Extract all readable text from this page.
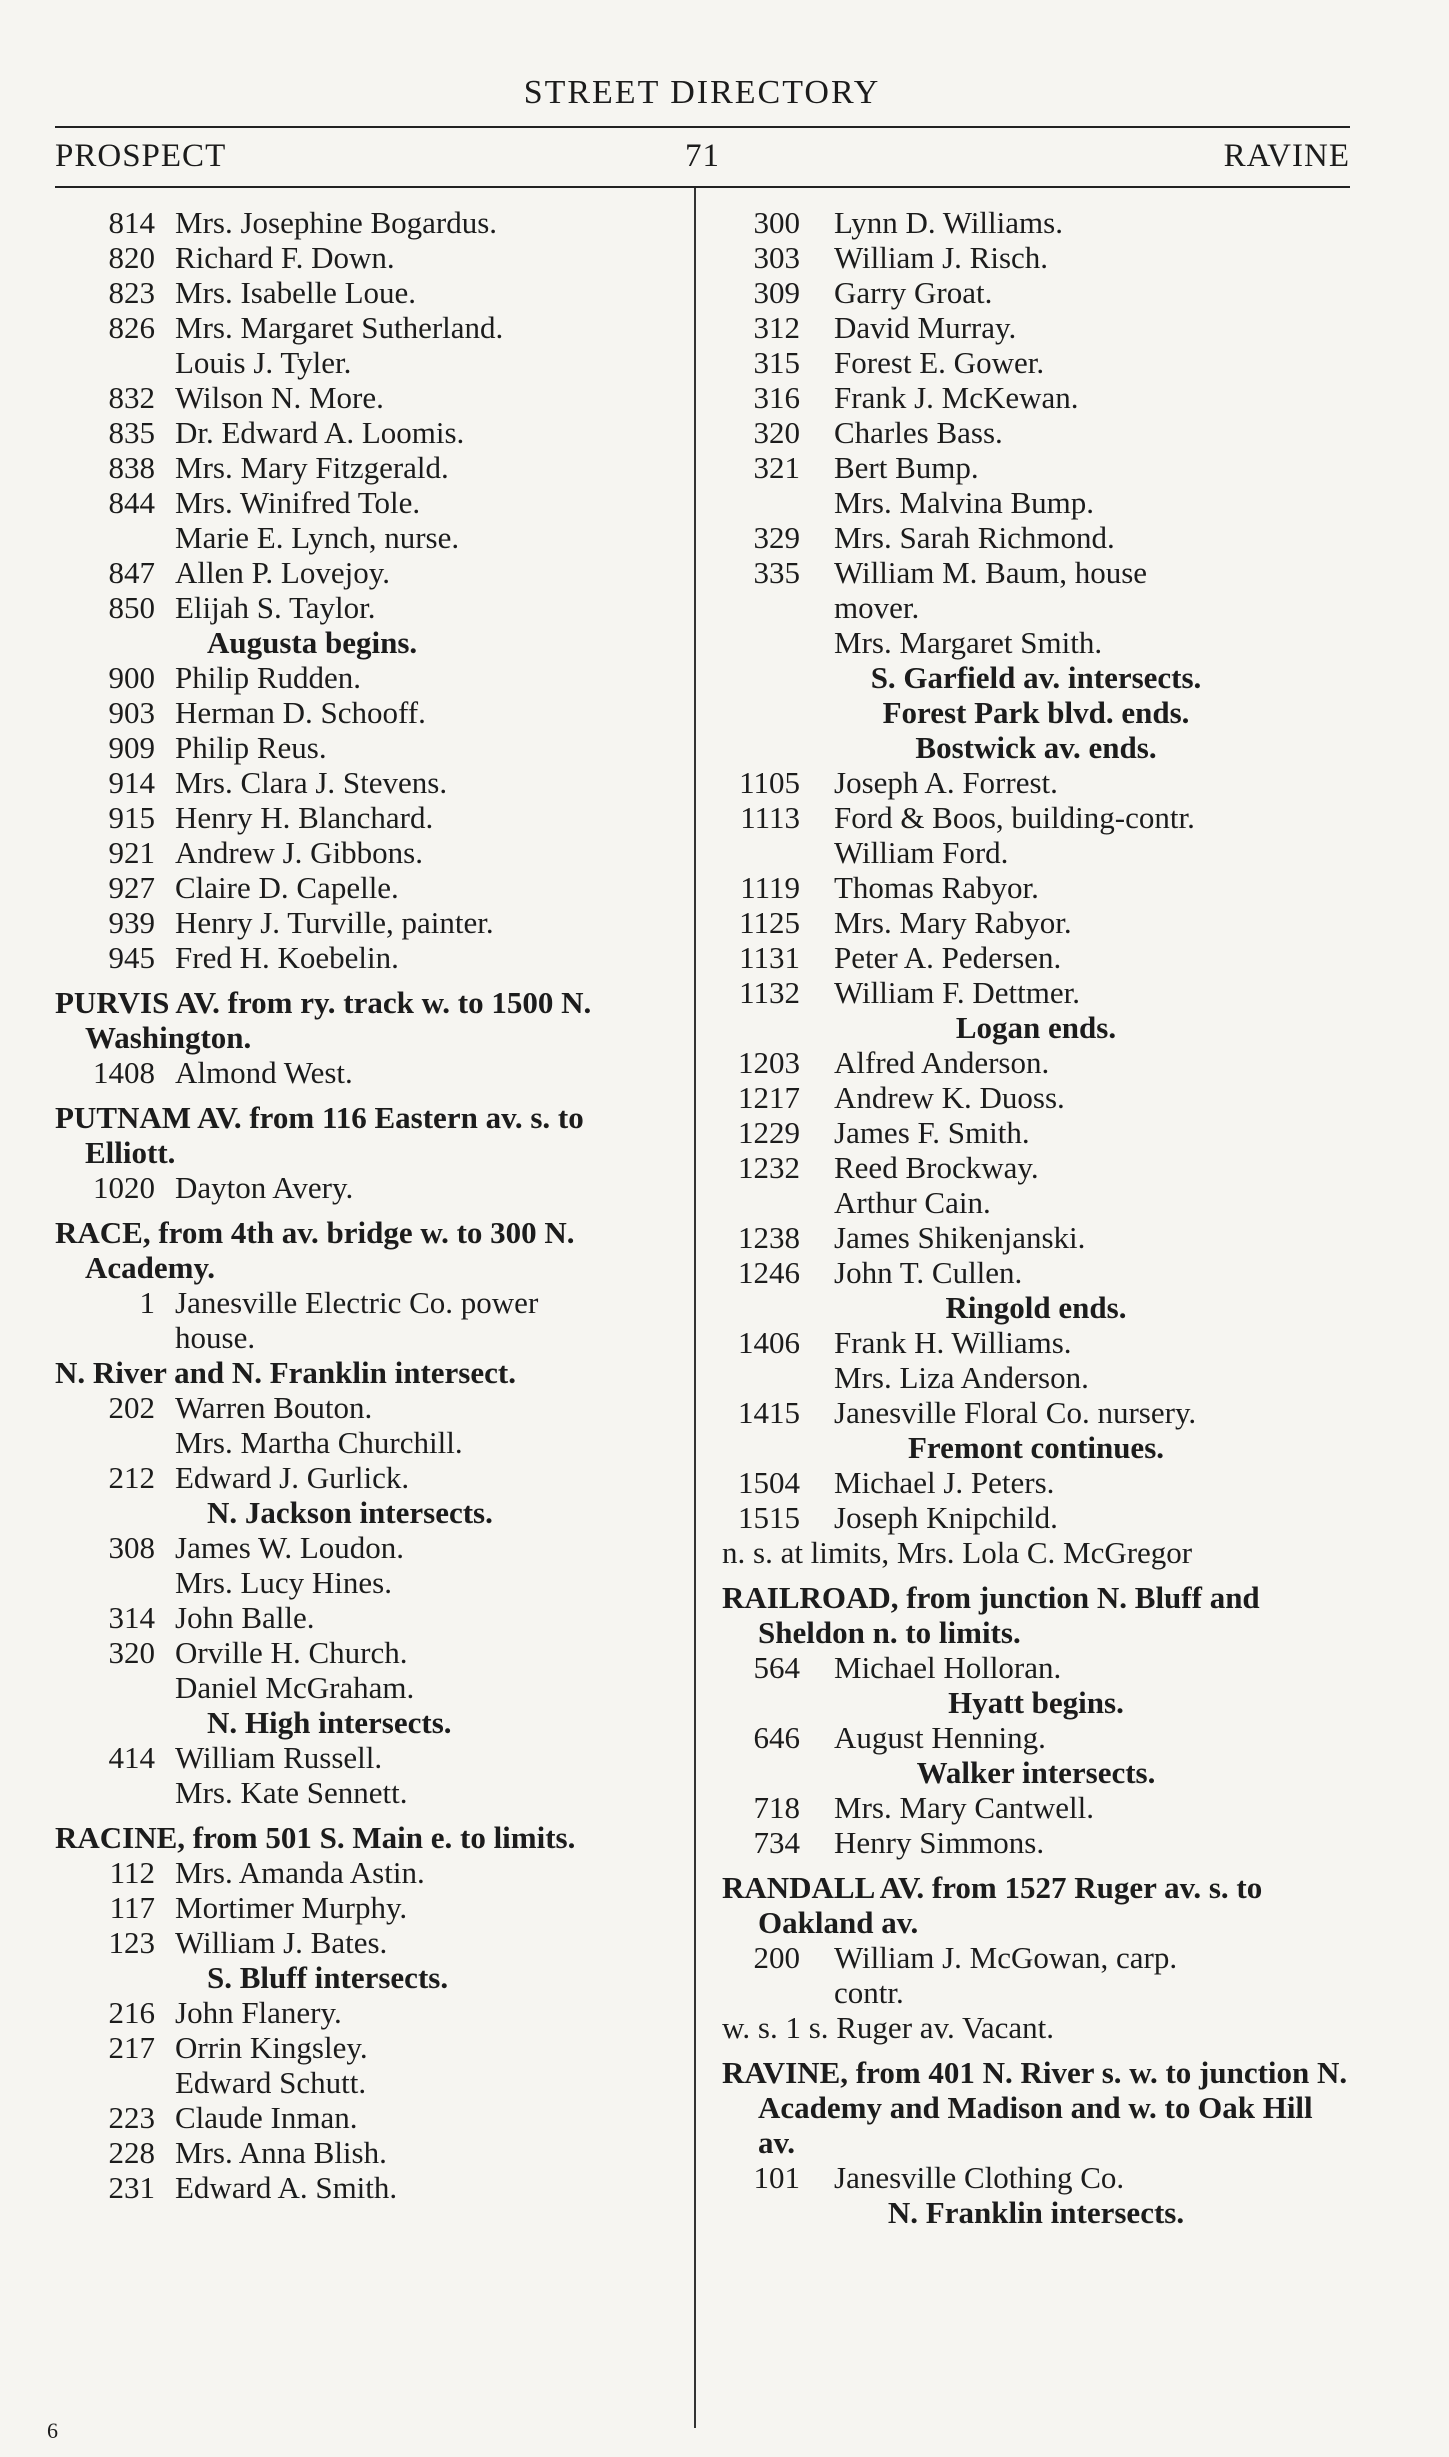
STREET DIRECTORY
PROSPECT	71	RAVINE
814 Mrs. Josephine Bogardus.
820 Richard F. Down.
823 Mrs. Isabelle Loue.
826 Mrs. Margaret Sutherland.
Louis J. Tyler.
832 Wilson N. More.
835 Dr. Edward A. Loomis.
838 Mrs. Mary Fitzgerald.
844 Mrs. Winifred Tole.
Marie E. Lynch, nurse.
847 Allen P. Lovejoy.
850 Elijah S. Taylor.
Augusta begins.
900 Philip Rudden.
903 Herman D. Schooff.
909 Philip Reus.
914 Mrs. Clara J. Stevens.
915 Henry H. Blanchard.
921 Andrew J. Gibbons.
927 Claire D. Capelle.
939 Henry J. Turville, painter.
945 Fred H. Koebelin.
PURVIS AV. from ry. track w. to 1500 N. Washington.
1408 Almond West.
PUTNAM AV. from 116 Eastern av. s. to Elliott.
1020 Dayton Avery.
RACE, from 4th av. bridge w. to 300 N. Academy.
1 Janesville Electric Co. power
house.
N. River and N. Franklin intersect.
202 Warren Bouton.
Mrs. Martha Churchill.
212 Edward J. Gurlick.
N. Jackson intersects.
308 James W. Loudon.
Mrs. Lucy Hines.
314 John Balle.
320 Orville H. Church.
Daniel McGraham.
N. High intersects.
414 William Russell.
Mrs. Kate Sennett.
RACINE, from 501 S. Main e. to limits.
112 Mrs. Amanda Astin.
117 Mortimer Murphy.
123 William J. Bates.
S. Bluff intersects.
216 John Flanery.
217 Orrin Kingsley.
Edward Schutt.
223 Claude Inman.
228 Mrs. Anna Blish.
231 Edward A. Smith.
300	Lynn D. Williams.
303	William J. Risch.
309	Garry Groat.
312	David Murray.
315	Forest E. Gower.
316	Frank J. McKewan.
320	Charles Bass.
321	Bert Bump.
Mrs. Malvina Bump.
329	Mrs. Sarah Richmond.
335	William M. Baum, house
mover.
Mrs. Margaret Smith.
S. Garfield av. intersects.
Forest Park blvd. ends.
Bostwick av. ends.
1105	Joseph A. Forrest.
1113	Ford & Boos, building-contr.
William Ford.
1119	Thomas Rabyor.
1125	Mrs. Mary Rabyor.
1131	Peter A. Pedersen.
1132	William F. Dettmer.
Logan ends.
1203	Alfred Anderson.
1217	Andrew K. Duoss.
1229	James F. Smith.
1232	Reed Brockway.
Arthur Cain.
1238	James Shikenjanski.
1246	John T. Cullen.
Ringold ends.
1406	Frank H. Williams.
Mrs. Liza Anderson.
1415	Janesville Floral Co. nursery.
Fremont continues.
1504	Michael J. Peters.
1515	Joseph Knipchild.
n. s. at limits, Mrs. Lola C. McGregor
RAILROAD, from junction N. Bluff and Sheldon n. to limits.
564	Michael Holloran.
Hyatt begins.
646	August Henning.
Walker intersects.
718	Mrs. Mary Cantwell.
734	Henry Simmons.
RANDALL AV. from 1527 Ruger av. s. to Oakland av.
200	William J. McGowan, carp.
contr.
w. s. 1 s. Ruger av. Vacant.
RAVINE, from 401 N. River s. w. to junction N. Academy and Madison and w. to Oak Hill av.
101	Janesville Clothing Co.
N. Franklin intersects.
6
